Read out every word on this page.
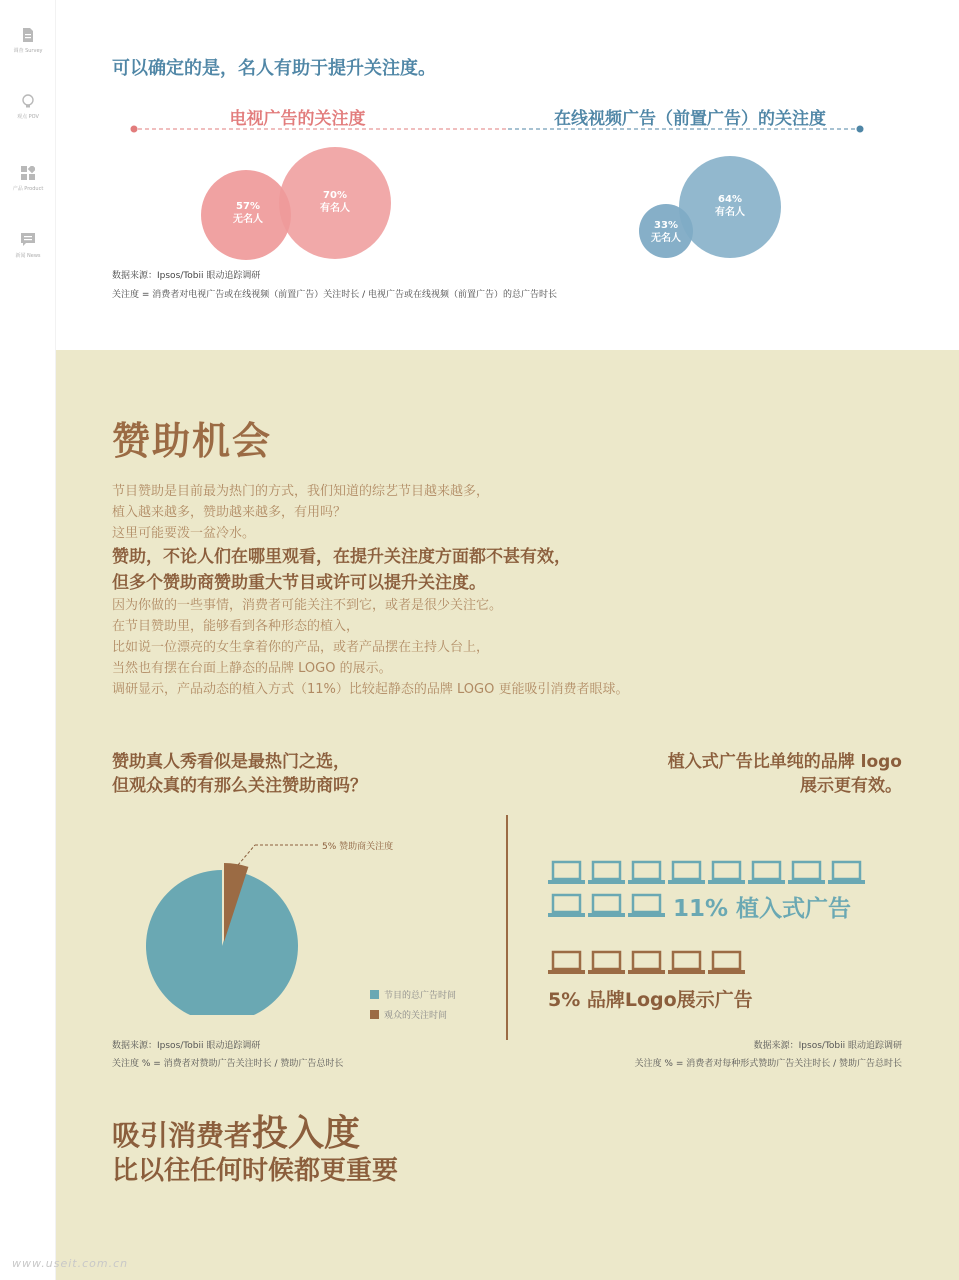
调查 Survey
观点 POV
产品 Product
新闻 News
可以确定的是，名人有助于提升关注度。
电视广告的关注度	在线视频广告（前置广告）的关注度
57%
无名人
70%
有名人
33%
无名人
64%
有名人
数据来源：Ipsos/Tobii 眼动追踪调研
关注度 = 消费者对电视广告或在线视频（前置广告）关注时长 / 电视广告或在线视频（前置广告）的总广告时长
赞助机会

节目赞助是目前最为热门的方式，我们知道的综艺节目越来越多，

植入越来越多，赞助越来越多，有用吗？

这里可能要泼一盆冷水。

赞助，不论人们在哪里观看，在提升关注度方面都不甚有效，

但多个赞助商赞助重大节目或许可以提升关注度。

因为你做的一些事情，消费者可能关注不到它，或者是很少关注它。

在节目赞助里，能够看到各种形态的植入，

比如说一位漂亮的女生拿着你的产品，或者产品摆在主持人台上，

当然也有摆在台面上静态的品牌 LOGO 的展示。

调研显示，产品动态的植入方式（11%）比较起静态的品牌 LOGO 更能吸引消费者眼球。

赞助真人秀看似是最热门之选，
但观众真的有那么关注赞助商吗？
植入式广告比单纯的品牌 logo
展示更有效。
5% 赞助商关注度
节目的总广告时间
观众的关注时间
11% 植入式广告
5% 品牌Logo展示广告
数据来源：Ipsos/Tobii 眼动追踪调研
关注度 % = 消费者对赞助广告关注时长 / 赞助广告总时长
数据来源：Ipsos/Tobii 眼动追踪调研
关注度 % = 消费者对每种形式赞助广告关注时长 / 赞助广告总时长
吸引消费者投入度
比以往任何时候都更重要
www.useit.com.cn
